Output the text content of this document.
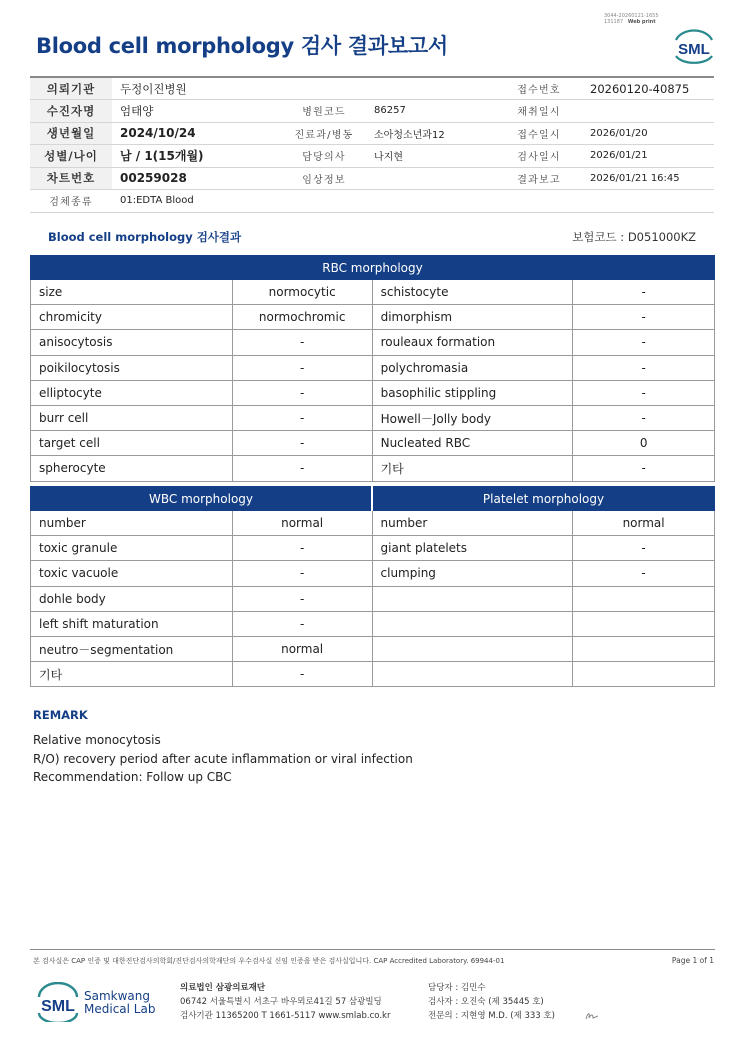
3044-20260121-1655
131187 Web print
Blood cell morphology 검사 결과보고서	SML
의뢰기관	두정이진병원			접수번호	20260120-40875
수진자명	엄태양	병원코드	86257	채취일시	
생년월일	2024/10/24	진료과/병동	소아청소년과12	접수일시	2026/01/20
성별/나이	남 / 1(15개월)	담당의사	나지현	검사일시	2026/01/21
차트번호	00259028	임상정보		결과보고	2026/01/21 16:45
검체종류	01:EDTA Blood				
Blood cell morphology 검사결과	보험코드 : D051000KZ
RBC morphology			
size	normocytic	schistocyte	-
chromicity	normochromic	dimorphism	-
anisocytosis	-	rouleaux formation	-
poikilocytosis	-	polychromasia	-
elliptocyte	-	basophilic stippling	-
burr cell	-	Howell－Jolly body	-
target cell	-	Nucleated RBC	0
spherocyte	-	기타	-
WBC morphology		Platelet morphology	
number	normal	number	normal
toxic granule	-	giant platelets	-
toxic vacuole	-	clumping	-
dohle body	-		
left shift maturation	-		
neutro－segmentation	normal		
기타	-		
REMARK
Relative monocytosis
R/O) recovery period after acute inflammation or viral infection
Recommendation: Follow up CBC
본 검사실은 CAP 인증 및 대한진단검사의학회/진단검사의학재단의 우수검사실 신임 인증을 받은 검사실입니다. CAP Accredited Laboratory. 69944-01	Page 1 of 1
SML
Samkwang
Medical Lab
의료법인 삼광의료재단
06742 서울특별시 서초구 바우뫼로41길 57 삼광빌딩
검사기관 11365200 T 1661-5117 www.smlab.co.kr
담당자 : 김민수
검사자 : 오진숙 (제 35445 호)
전문의 : 지현영 M.D. (제 333 호)
